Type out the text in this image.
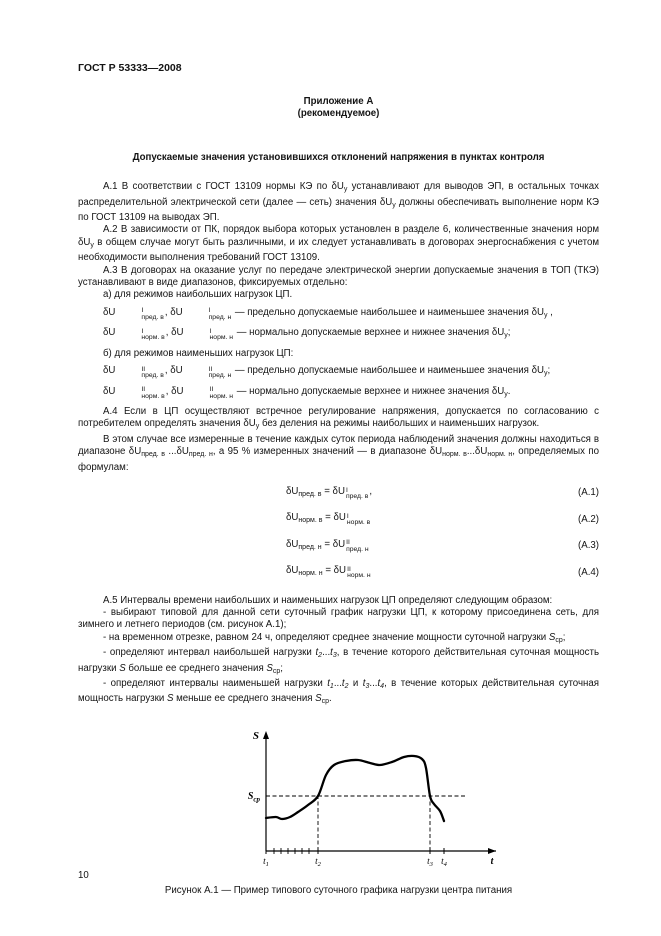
ГОСТ Р 53333—2008
Приложение А
(рекомендуемое)
Допускаемые значения установившихся отклонений напряжения в пунктах контроля

А.1 В соответствии с ГОСТ 13109 нормы КЭ по $\delta U_у$ устанавливают для выводов ЭП, в остальных точках распределительной электрической сети (далее — сеть) значения $\delta U_у$ должны обеспечивать выполнение норм КЭ по ГОСТ 13109 на выводах ЭП.

А.2 В зависимости от ПК, порядок выбора которых установлен в разделе 6, количественные значения норм $\delta U_у$ в общем случае могут быть различными, и их следует устанавливать в договорах энергоснабжения с учетом необходимости выполнения требований ГОСТ 13109.

А.3 В договорах на оказание услуг по передаче электрической энергии допускаемые значения в ТОП (ТКЭ) устанавливают в виде диапазонов, фиксируемых отдельно:

а) для режимов наибольших нагрузок ЦП.

δU	I
пред. в , δU	I
пред. н — предельно допускаемые наибольшее и наименьшее значения $\delta U_у$ ,

δU	I
норм. в , δU	I
норм. н — нормально допускаемые верхнее и нижнее значения $\delta U_у$;

б) для режимов наименьших нагрузок ЦП:

δU	II
пред. в , δU	II
пред. н — предельно допускаемые наибольшее и наименьшее значения $\delta U_у$;

δU	II
норм. в , δU	II
норм. н — нормально допускаемые верхнее и нижнее значения $\delta U_у$.

А.4 Если в ЦП осуществляют встречное регулирование напряжения, допускается по согласованию с потребителем определять значения $\delta U_у$ без деления на режимы наибольших и наименьших нагрузок.

В этом случае все измеренные в течение каждых суток периода наблюдений значения должны находиться в диапазоне $\delta U_{пред. в}$ $...\delta U_{пред. н}$, а 95 % измеренных значений — в диапазоне $\delta U_{норм. в}...\delta U_{норм. н}$, определяемых по формулам:

$\delta U_{пред. в} = \delta U$ I
пред. в ,	(А.1)
$\delta U_{норм. в} = \delta U$ I
норм. в	(А.2)
$\delta U_{пред. н} = \delta U$ II
пред. н	(А.3)
$\delta U_{норм. н} = \delta U$ II
норм. н	(А.4)

А.5 Интервалы времени наибольших и наименьших нагрузок ЦП определяют следующим образом:

- выбирают типовой для данной сети суточный график нагрузки ЦП, к которому присоединена сеть, для зимнего и летнего периодов (см. рисунок А.1);

- на временном отрезке, равном 24 ч, определяют среднее значение мощности суточной нагрузки $S_{ср}$;

- определяют интервал наибольшей нагрузки $t_2...t_3$, в течение которого действительная суточная мощность нагрузки S больше ее среднего значения $S_{ср}$;

- определяют интервалы наименьшей нагрузки $t_1...t_2$ и $t_3...t_4$, в течение которых действительная суточная мощность нагрузки S меньше ее среднего значения $S_{ср}$.

$t_1$	$t_2$	$t_3$ $t_4$
S
t
$S_{ср}$
Рисунок А.1 — Пример типового суточного графика нагрузки центра питания
10
